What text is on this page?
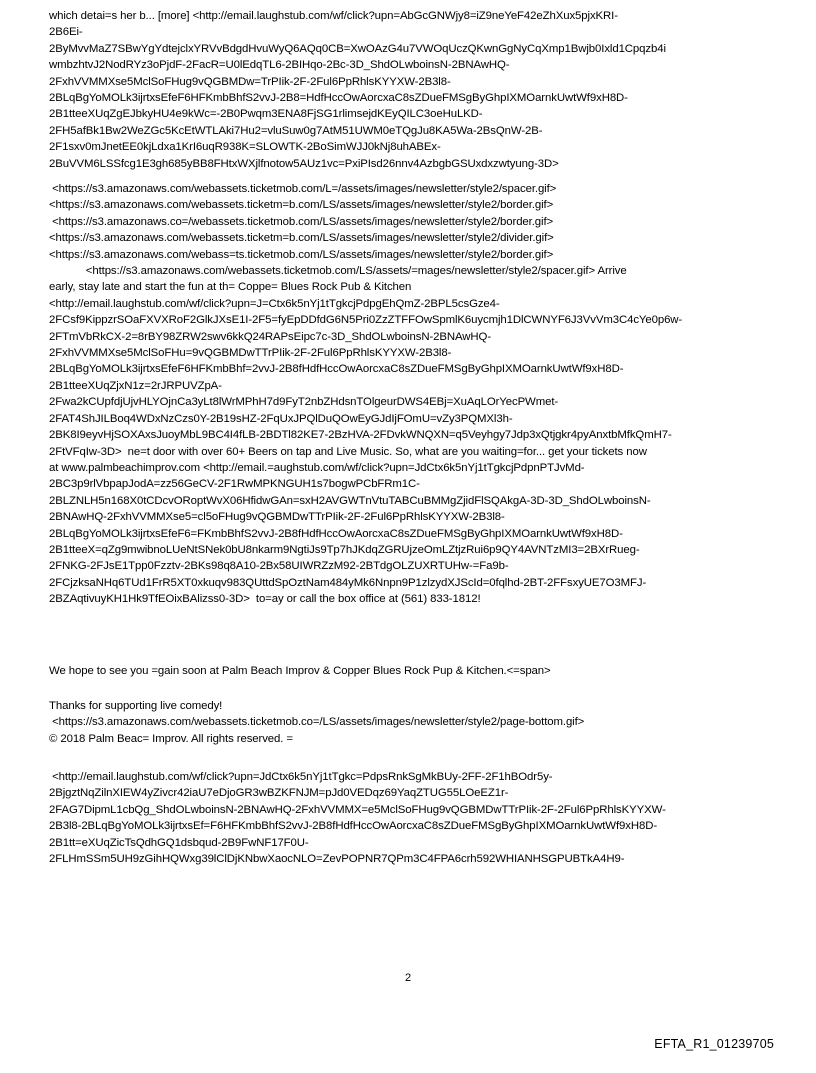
which detai=s her b... [more] <http://email.laughstub.com/wf/click?upn=AbGcGNWjy8=iZ9neYeF42eZhXux5pjxKRI-
2B6Ei-
2ByMvvMaZ7SBwYgYdtejclxYRVvBdgdHvuWyQ6AQq0CB=XwOAzG4u7VWOqUczQKwnGgNyCqXmp1Bwjb0Ixld1Cpqzb4i
wmbzhtvJ2NodRYz3oPjdF-2FacR=U0lEdqTL6-2BIHqo-2Bc-3D_ShdOLwboinsN-2BNAwHQ-
2FxhVVMMXse5MclSoFHug9vQGBMDw=TrPIik-2F-2Ful6PpRhlsKYYXW-2B3l8-
2BLqBgYoMOLk3ijrtxsEfeF6HFKmbBhfS2vvJ-2B8=HdfHccOwAorcxaC8sZDueFMSgByGhpIXMOarnkUwtWf9xH8D-
2B1tteeXUqZgEJbkyHU4e9kWc=-2B0Pwqm3ENA8FjSG1rlimsejdKEyQILC3oeHuLKD-
2FH5afBk1Bw2WeZGc5KcEtWTLAki7Hu2=vluSuw0g7AtM51UWM0eTQgJu8KA5Wa-2BsQnW-2B-
2F1sxv0mJnetEE0kjLdxa1KrI6uqR938K=SLOWTK-2BoSimWJJ0kNj8uhABEx-
2BuVVM6LSSfcg1E3gh685yBB8FHtxWXjlfnotow5AUz1vc=PxiPIsd26nnv4AzbgbGSUxdxzwtyung-3D>
<https://s3.amazonaws.com/webassets.ticketmob.com/L=/assets/images/newsletter/style2/spacer.gif>
<https://s3.amazonaws.com/webassets.ticketm=b.com/LS/assets/images/newsletter/style2/border.gif>
<https://s3.amazonaws.co=/webassets.ticketmob.com/LS/assets/images/newsletter/style2/border.gif>
<https://s3.amazonaws.com/webassets.ticketm=b.com/LS/assets/images/newsletter/style2/divider.gif>
<https://s3.amazonaws.com/webass=ts.ticketmob.com/LS/assets/images/newsletter/style2/border.gif>
<https://s3.amazonaws.com/webassets.ticketmob.com/LS/assets/=mages/newsletter/style2/spacer.gif> Arrive
early, stay late and start the fun at th= Coppe= Blues Rock Pub & Kitchen
<http://email.laughstub.com/wf/click?upn=J=Ctx6k5nYj1tTgkcjPdpgEhQmZ-2BPL5csGze4-
2FCsf9KippzrSOaFXVXRoF2GlkJXsE1I-2F5=fyEpDDfdG6N5Pri0ZzZTFFOwSpmlK6uycmjh1DlCWNYF6J3VvVm3C4cYe0p6w-
2FTmVbRkCX-2=8rBY98ZRW2swv6kkQ24RAPsEipc7c-3D_ShdOLwboinsN-2BNAwHQ-
2FxhVVMMXse5MclSoFHu=9vQGBMDwTTrPIik-2F-2Ful6PpRhlsKYYXW-2B3l8-
2BLqBgYoMOLk3ijrtxsEfeF6HFKmbBhf=2vvJ-2B8fHdfHccOwAorcxaC8sZDueFMSgByGhpIXMOarnkUwtWf9xH8D-
2B1tteeXUqZjxN1z=2rJRPUVZpA-
2Fwa2kCUpfdjUjvHLYOjnCa3yLt8lWrMPhH7d9FyT2nbZHdsnTOlgeurDWS4EBj=XuAqLOrYecPWmet-
2FAT4ShJILBoq4WDxNzCzs0Y-2B19sHZ-2FqUxJPQlDuQOwEyGJdIjFOmU=vZy3PQMXl3h-
2BK8I9eyvHjSOXAxsJuoyMbL9BC4I4fLB-2BDTl82KE7-2BzHVA-2FDvkWNQXN=q5Veyhgy7Jdp3xQtjgkr4pyAnxtbMfkQmH7-
2FtVFqIw-3D>  ne=t door with over 60+ Beers on tap and Live Music. So, what are you waiting=for... get your tickets now
at www.palmbeachimprov.com <http://email.=aughstub.com/wf/click?upn=JdCtx6k5nYj1tTgkcjPdpnPTJvMd-
2BC3p9rlVbpapJodA=zz56GeCV-2F1RwMPKNGUH1s7bogwPCbFRm1C-
2BLZNLH5n168X0tCDcvORoptWvX06HfidwGAn=sxH2AVGWTnVtuTABCuBMMgZjidFlSQAkgA-3D-3D_ShdOLwboinsN-
2BNAwHQ-2FxhVVMMXse5=cl5oFHug9vQGBMDwTTrPIik-2F-2Ful6PpRhlsKYYXW-2B3l8-
2BLqBgYoMOLk3ijrtxsEfeF6=FKmbBhfS2vvJ-2B8fHdfHccOwAorcxaC8sZDueFMSgByGhpIXMOarnkUwtWf9xH8D-
2B1tteeX=qZg9mwibnoLUeNtSNek0bU8nkarm9NgtiJs9Tp7hJKdqZGRUjzeOmLZtjzRui6p9QY4AVNTzMI3=2BXrRueg-
2FNKG-2FJsE1Tpp0Fzztv-2BKs98q8A10-2Bx58UIWRZzM92-2BTdgOLZUXRTUHw-=Fa9b-
2FCjzksaNHq6TUd1FrR5XT0xkuqv983QUttdSpOztNam484yMk6Nnpn9P1zlzydXJScId=0fqlhd-2BT-2FFsxyUE7O3MFJ-
2BZAqtivuyKH1Hk9TfEOixBAlizss0-3D>  to=ay or call the box office at (561) 833-1812!
We hope to see you =gain soon at Palm Beach Improv & Copper Blues Rock Pup & Kitchen.<=span>
Thanks for supporting live comedy!
<https://s3.amazonaws.com/webassets.ticketmob.co=/LS/assets/images/newsletter/style2/page-bottom.gif>
© 2018 Palm Beac= Improv. All rights reserved. =
<http://email.laughstub.com/wf/click?upn=JdCtx6k5nYj1tTgkc=PdpsRnkSgMkBUy-2FF-2F1hBOdr5y-
2BjgztNqZilnXIEW4yZivcr42iaU7eDjoGR3wBZKFNJM=pJd0VEDqz69YaqZTUG55LOeEZ1r-
2FAG7DipmL1cbQg_ShdOLwboinsN-2BNAwHQ-2FxhVVMMX=e5MclSoFHug9vQGBMDwTTrPIik-2F-2Ful6PpRhlsKYYXW-
2B3l8-2BLqBgYoMOLk3ijrtxsEf=F6HFKmbBhfS2vvJ-2B8fHdfHccOwAorcxaC8sZDueFMSgByGhpIXMOarnkUwtWf9xH8D-
2B1tt=eXUqZicTsQdhGQ1dsbqud-2B9FwNF17F0U-
2FLHmSSm5UH9zGihHQWxg39lClDjKNbwXaocNLO=ZevPOPNR7QPm3C4FPA6crh592WHIANHSGPUBTkA4H9-
2
EFTA_R1_01239705
